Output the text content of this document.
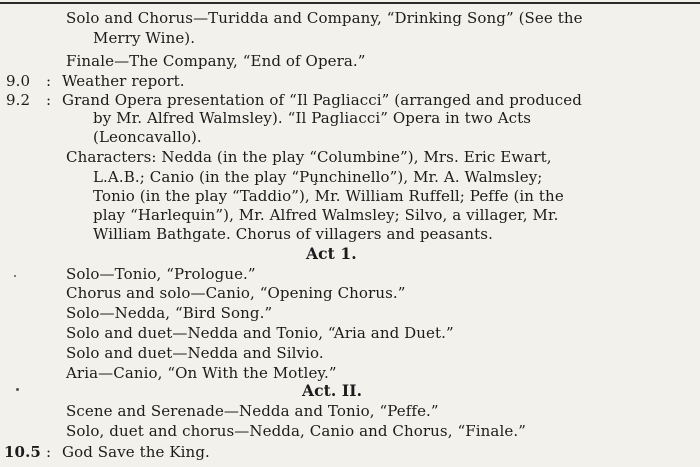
Solo and Chorus—Turidda and Company, “Drinking Song” (See the
Merry Wine).
Finale—The Company, “End of Opera.”
9.0	: Weather report.
9.2	: Grand Opera presentation of “Il Pagliacci” (arranged and produced
by Mr. Alfred Walmsley). “Il Pagliacci” Opera in two Acts
(Leoncavallo).
Characters: Nedda (in the play “Columbine”), Mrs. Eric Ewart,
L.A.B.; Canio (in the play “Pu̧nchinello”), Mr. A. Walmsley;
Tonio (in the play “Taddio”), Mr. William Ruffell; Peffe (in the
play “Harlequin”), Mr. Alfred Walmsley; Silvo, a villager, Mr.
William Bathgate. Chorus of villagers and peasants.
Act 1.
Solo—Tonio, “Prologue.”
Chorus and solo—Canio, “Opening Chorus.”
Solo—Nedda, “Bird Song.”
Solo and duet—Nedda and Tonio, “Aria and Duet.”
Solo and duet—Nedda and Silvio.
Aria—Canio, “On With the Motley.”
Act. II.
Scene and Serenade—Nedda and Tonio, “Peffe.”
Solo, duet and chorus—Nedda, Canio and Chorus, “Finale.”
10.5 : God Save the King.
